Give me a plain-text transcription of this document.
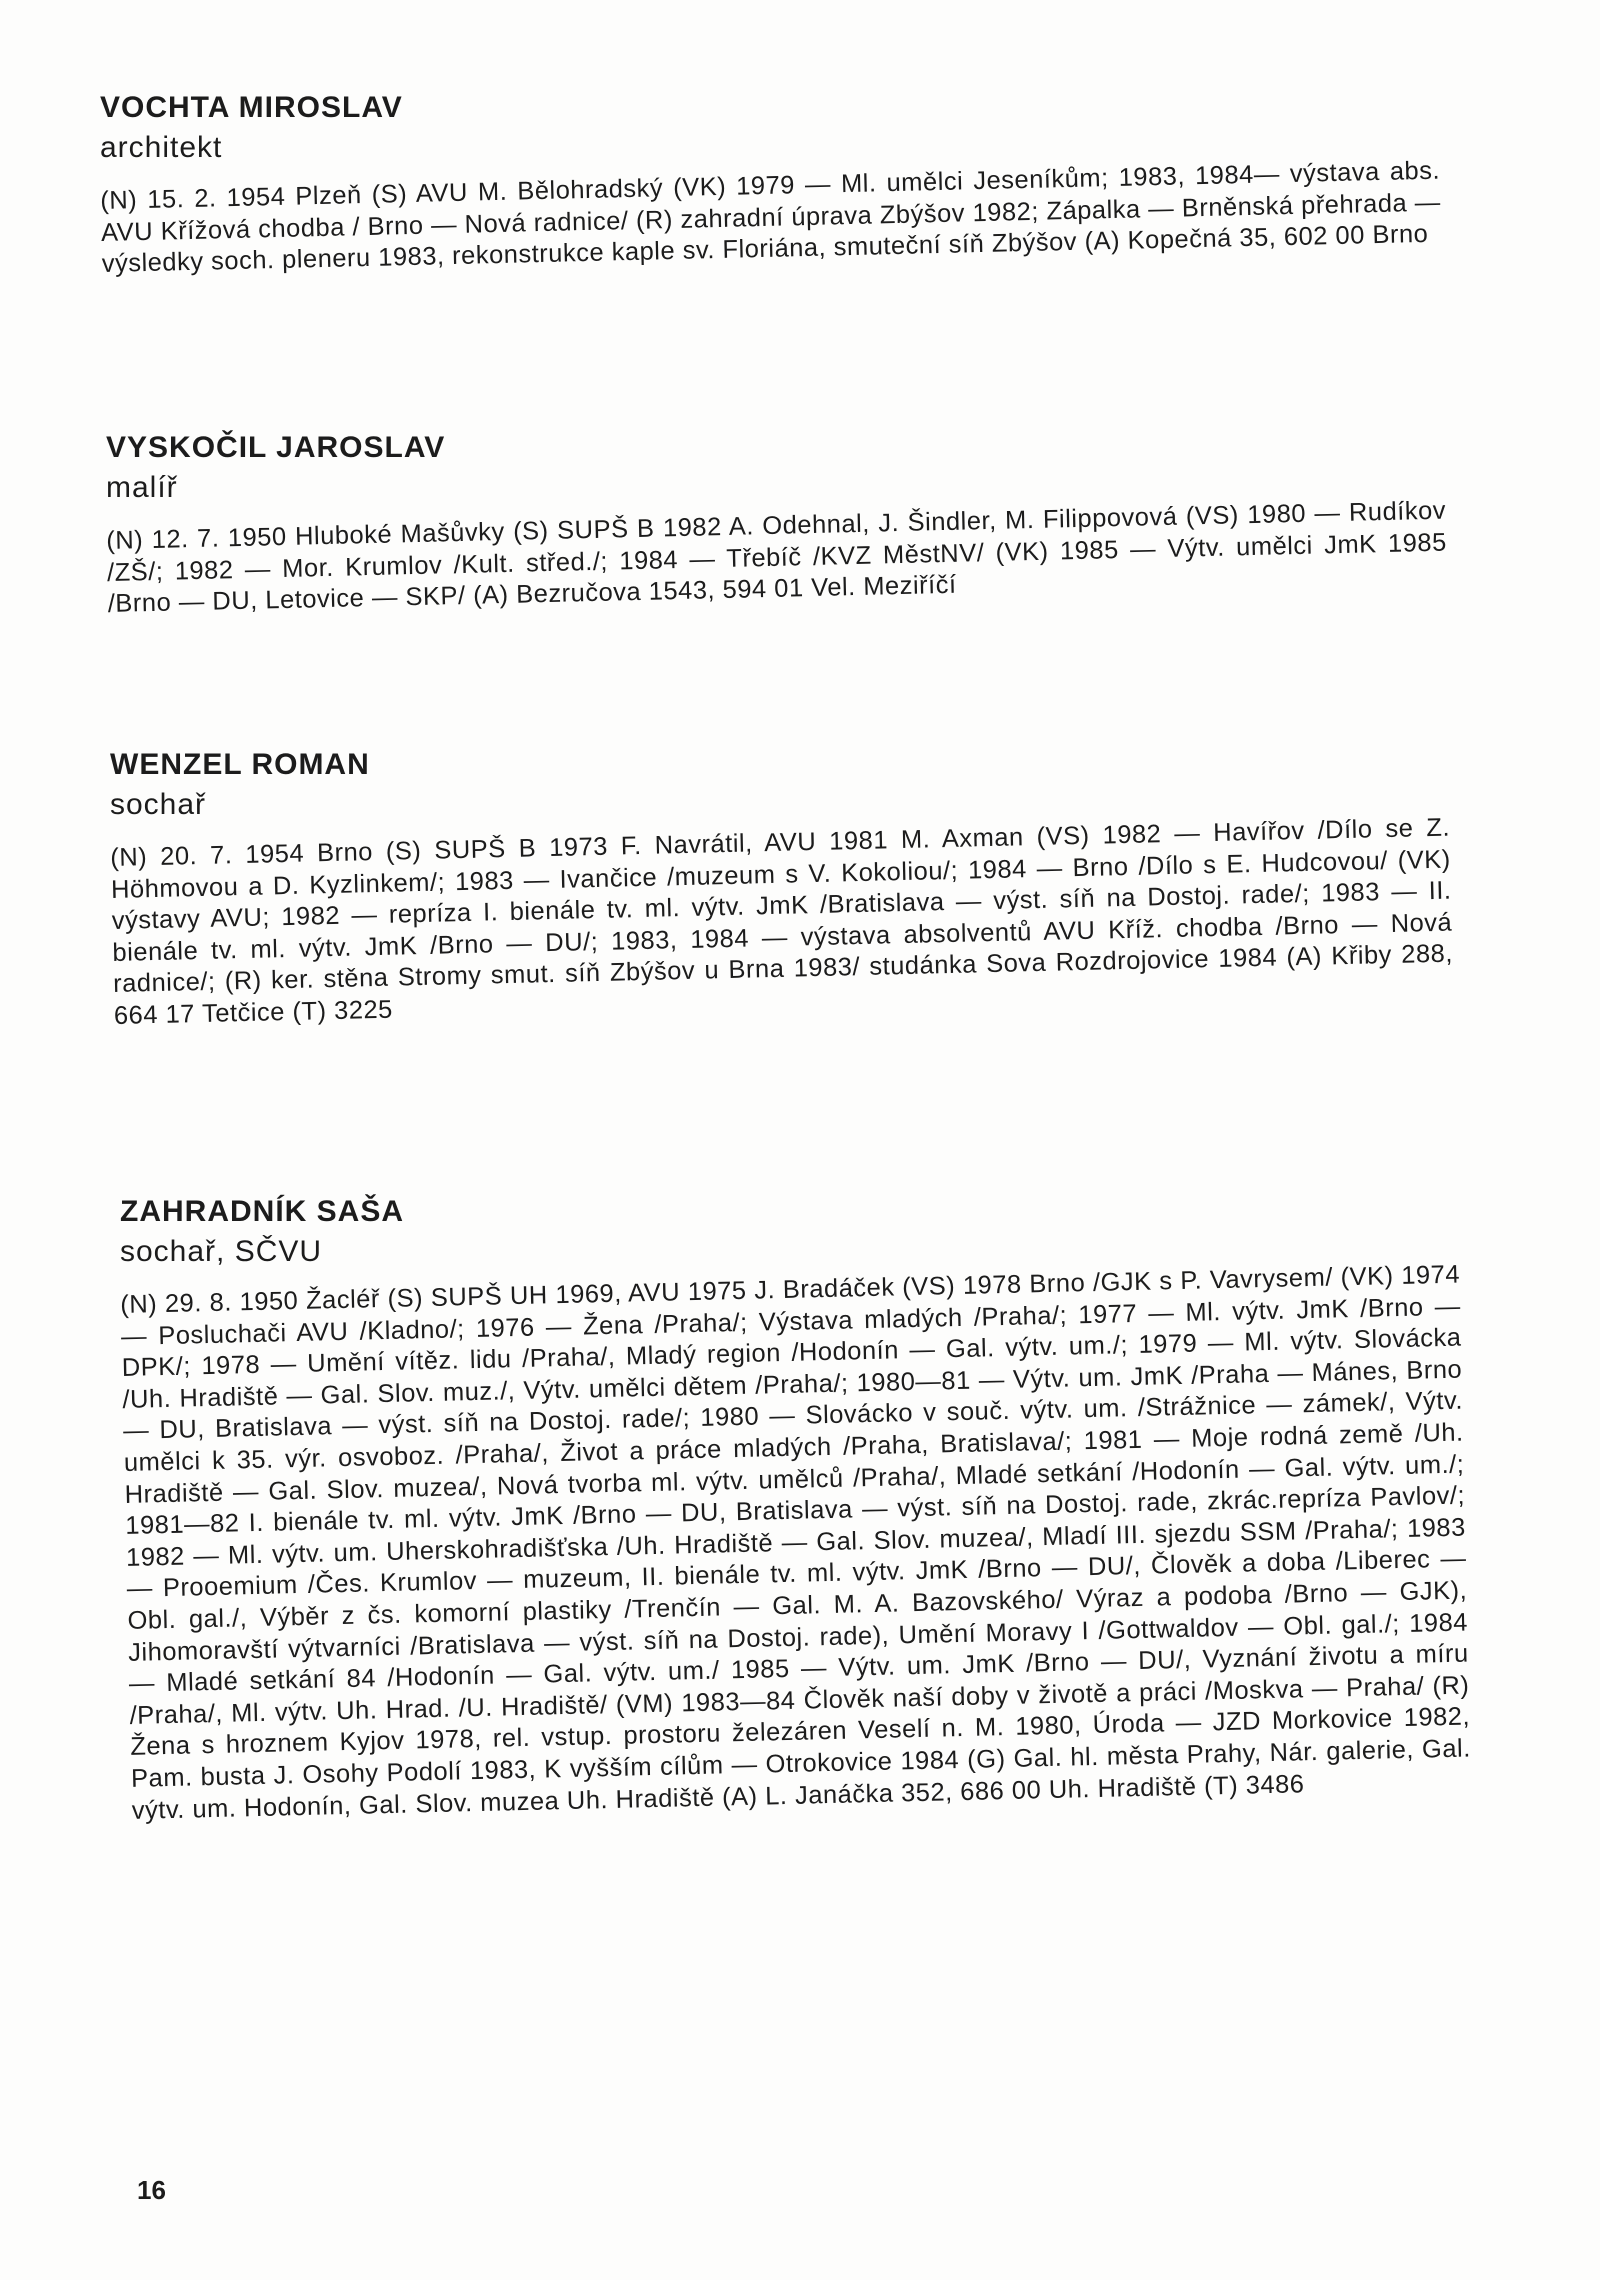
VOCHTA MIROSLAV
architekt

(N) 15. 2. 1954 Plzeň (S) AVU M. Bělohradský (VK) 1979 — Ml. umělci Jeseníkům; 1983, 1984— výstava abs. AVU Křížová chodba / Brno — Nová radnice/ (R) zahradní úprava Zbýšov 1982; Zápalka — Brněnská přehrada — výsledky soch. pleneru 1983, rekonstrukce kaple sv. Floriána, smuteční síň Zbýšov (A) Kopečná 35, 602 00 Brno

VYSKOČIL JAROSLAV
malíř

(N) 12. 7. 1950 Hluboké Mašůvky (S) SUPŠ B 1982 A. Odehnal, J. Šindler, M. Filippovová (VS) 1980 — Rudíkov /ZŠ/; 1982 — Mor. Krumlov /Kult. střed./; 1984 — Třebíč /KVZ MěstNV/ (VK) 1985 — Výtv. umělci JmK 1985 /Brno — DU, Letovice — SKP/ (A) Bezručova 1543, 594 01 Vel. Meziříčí

WENZEL ROMAN
sochař

(N) 20. 7. 1954 Brno (S) SUPŠ B 1973 F. Navrátil, AVU 1981 M. Axman (VS) 1982 — Havířov /Dílo se Z. Höhmovou a D. Kyzlinkem/; 1983 — Ivančice /muzeum s V. Kokoliou/; 1984 — Brno /Dílo s E. Hudcovou/ (VK) výstavy AVU; 1982 — repríza I. bienále tv. ml. výtv. JmK /Bratislava — výst. síň na Dostoj. rade/; 1983 — II. bienále tv. ml. výtv. JmK /Brno — DU/; 1983, 1984 — výstava absolventů AVU Kříž. chodba /Brno — Nová radnice/; (R) ker. stěna Stromy smut. síň Zbýšov u Brna 1983/ studánka Sova Rozdrojovice 1984 (A) Křiby 288, 664 17 Tetčice (T) 3225

ZAHRADNÍK SAŠA
sochař, SČVU

(N) 29. 8. 1950 Žacléř (S) SUPŠ UH 1969, AVU 1975 J. Bradáček (VS) 1978 Brno /GJK s P. Vavrysem/ (VK) 1974 — Posluchači AVU /Kladno/; 1976 — Žena /Praha/; Výstava mladých /Praha/; 1977 — Ml. výtv. JmK /Brno — DPK/; 1978 — Umění vítěz. lidu /Praha/, Mladý region /Hodonín — Gal. výtv. um./; 1979 — Ml. výtv. Slovácka /Uh. Hradiště — Gal. Slov. muz./, Výtv. umělci dětem /Praha/; 1980—81 — Výtv. um. JmK /Praha — Mánes, Brno — DU, Bratislava — výst. síň na Dostoj. rade/; 1980 — Slovácko v souč. výtv. um. /Strážnice — zámek/, Výtv. umělci k 35. výr. osvoboz. /Praha/, Život a práce mladých /Praha, Bratislava/; 1981 — Moje rodná země /Uh. Hradiště — Gal. Slov. muzea/, Nová tvorba ml. výtv. umělců /Praha/, Mladé setkání /Hodonín — Gal. výtv. um./; 1981—82 I. bienále tv. ml. výtv. JmK /Brno — DU, Bratislava — výst. síň na Dostoj. rade, zkrác.repríza Pavlov/; 1982 — Ml. výtv. um. Uherskohradišťska /Uh. Hradiště — Gal. Slov. muzea/, Mladí III. sjezdu SSM /Praha/; 1983 — Prooemium /Čes. Krumlov — muzeum, II. bienále tv. ml. výtv. JmK /Brno — DU/, Člověk a doba /Liberec — Obl. gal./, Výběr z čs. komorní plastiky /Trenčín — Gal. M. A. Bazovského/ Výraz a podoba /Brno — GJK), Jihomoravští výtvarníci /Bratislava — výst. síň na Dostoj. rade), Umění Moravy I /Gottwaldov — Obl. gal./; 1984 — Mladé setkání 84 /Hodonín — Gal. výtv. um./ 1985 — Výtv. um. JmK /Brno — DU/, Vyznání životu a míru /Praha/, Ml. výtv. Uh. Hrad. /U. Hradiště/ (VM) 1983—84 Člověk naší doby v životě a práci /Moskva — Praha/ (R) Žena s hroznem Kyjov 1978, rel. vstup. prostoru železáren Veselí n. M. 1980, Úroda — JZD Morkovice 1982, Pam. busta J. Osohy Podolí 1983, K vyšším cílům — Otrokovice 1984 (G) Gal. hl. města Prahy, Nár. galerie, Gal. výtv. um. Hodonín, Gal. Slov. muzea Uh. Hradiště (A) L. Janáčka 352, 686 00 Uh. Hradiště (T) 3486

16
